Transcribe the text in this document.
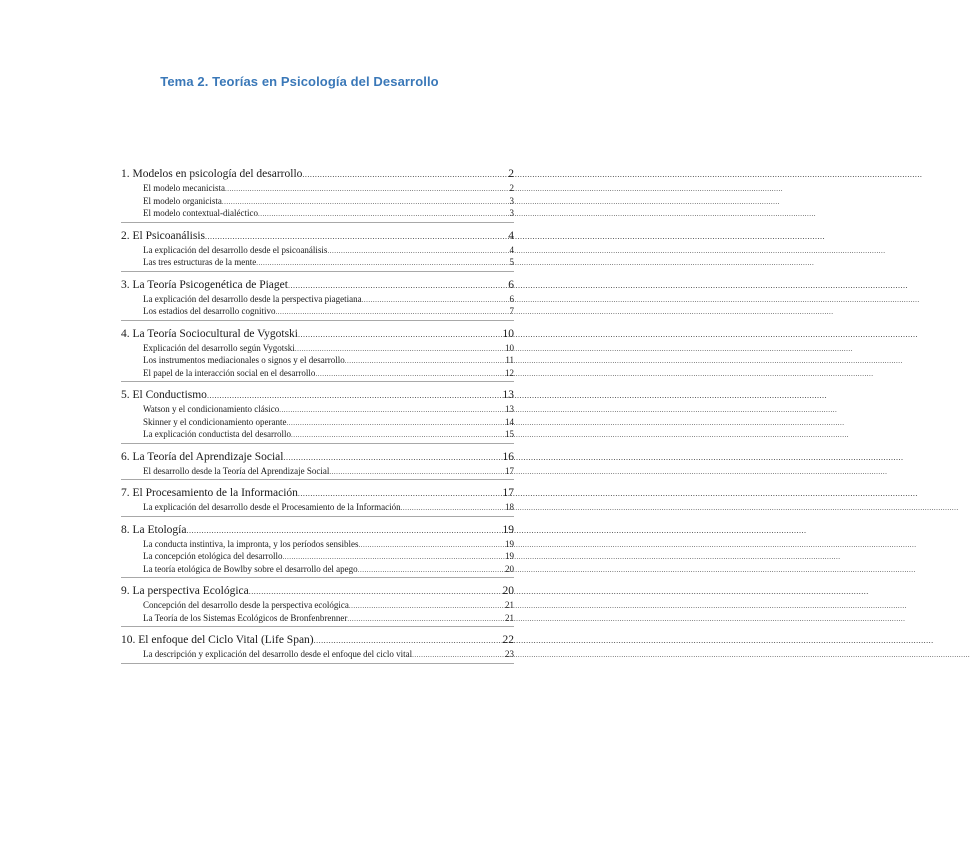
Tema 2. Teorías en Psicología del Desarrollo
1. Modelos en psicología del desarrollo .....	2
El modelo mecanicista .....	2
El modelo organicista .....	3
El modelo contextual-dialéctico .....	3
2. El Psicoanálisis .....	4
La explicación del desarrollo desde el psicoanálisis .....	4
Las tres estructuras de la mente .....	5
3. La Teoría Psicogenética de Piaget .....	6
La explicación del desarrollo desde la perspectiva piagetiana .....	6
Los estadios del desarrollo cognitivo .....	7
4. La Teoría Sociocultural de Vygotski .....	10
Explicación del desarrollo según Vygotski .....	10
Los instrumentos mediacionales o signos y el desarrollo .....	11
El papel de la interacción social en el desarrollo .....	12
5. El Conductismo .....	13
Watson y el condicionamiento clásico .....	13
Skinner y el condicionamiento operante .....	14
La explicación conductista del desarrollo .....	15
6. La Teoría del Aprendizaje Social .....	16
El desarrollo desde la Teoría del Aprendizaje Social .....	17
7. El Procesamiento de la Información .....	17
La explicación del desarrollo desde el Procesamiento de la Información .....	18
8. La Etología .....	19
La conducta instintiva, la impronta, y los períodos sensibles .....	19
La concepción etológica del desarrollo .....	19
La teoría etológica de Bowlby sobre el desarrollo del apego .....	20
9. La perspectiva Ecológica .....	20
Concepción del desarrollo desde la perspectiva ecológica .....	21
La Teoría de los Sistemas Ecológicos de Bronfenbrenner .....	21
10. El enfoque del Ciclo Vital (Life Span) .....	22
La descripción y explicación del desarrollo desde el enfoque del ciclo vital .....	23
